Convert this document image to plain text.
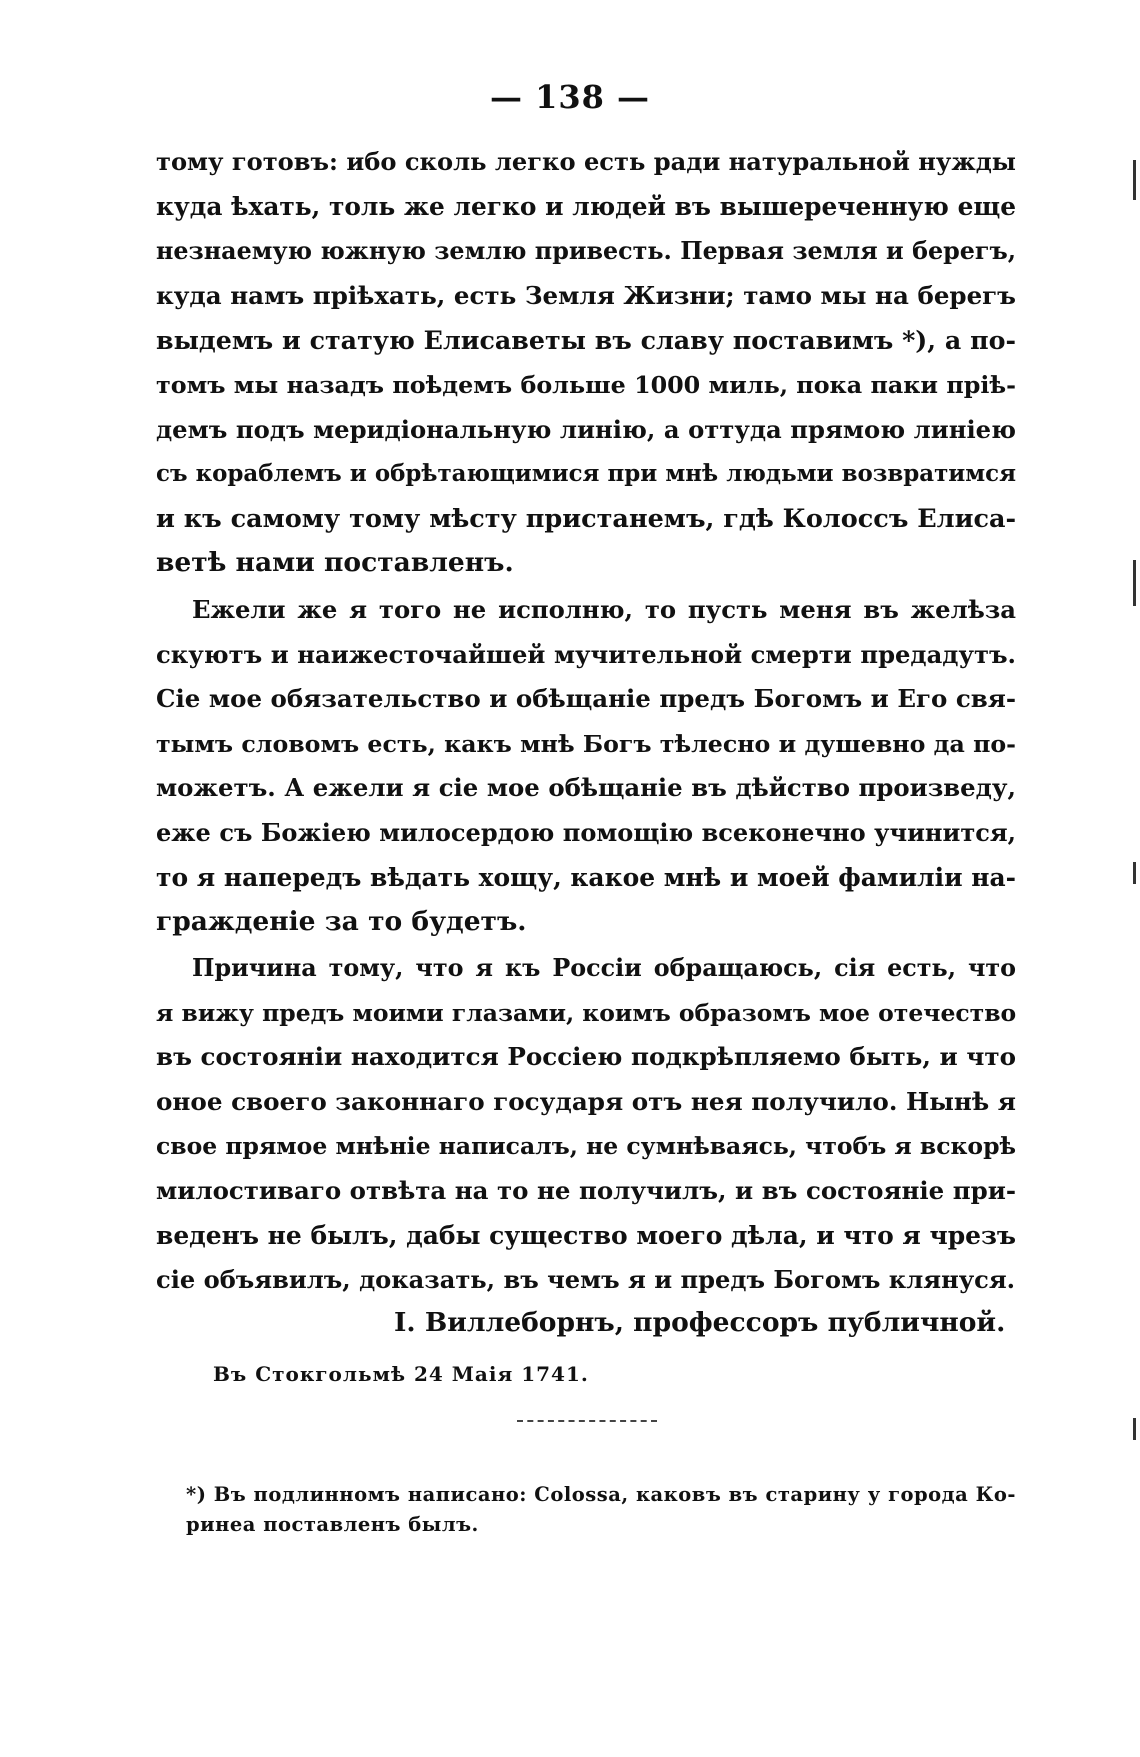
— 138 —
тому готовъ: ибо сколь легко есть ради натуральной нужды
куда ѣхать, толь же легко и людей въ вышереченную еще
незнаемую южную землю привесть. Первая земля и берегъ,
куда намъ пріѣхать, есть Земля Жизни; тамо мы на берегъ
выдемъ и статую Елисаветы въ славу поставимъ *), а по-
томъ мы назадъ поѣдемъ больше 1000 миль, пока паки прiѣ-
демъ подъ меридіональную линію, а оттуда прямою линіею
съ кораблемъ и обрѣтающимися при мнѣ людьми возвратимся
и къ самому тому мѣсту пристанемъ, гдѣ Колоссъ Елиса-
ветѣ нами поставленъ.
Ежели же я того не исполню, то пусть меня въ желѣза
скуютъ и наижесточайшей мучительной смерти предадутъ.
Сіе мое обязательство и обѣщаніе предъ Богомъ и Его свя-
тымъ словомъ есть, какъ мнѣ Богъ тѣлесно и душевно да по-
можетъ. А ежели я сіе мое обѣщаніе въ дѣйство произведу,
еже съ Божіею милосердою помощію всеконечно учинится,
то я напередъ вѣдать хощу, какое мнѣ и моей фамиліи на-
гражденіе за то будетъ.
Причина тому, что я къ Россіи обращаюсь, сія есть, что
я вижу предъ моими глазами, коимъ образомъ мое отечество
въ состояніи находится Россіею подкрѣпляемо быть, и что
оное своего законнаго государя отъ нея получило. Нынѣ я
свое прямое мнѣніе написалъ, не сумнѣваясь, чтобъ я вскорѣ
милостиваго отвѣта на то не получилъ, и въ состояніе при-
веденъ не былъ, дабы существо моего дѣла, и что я чрезъ
сіе объявилъ, доказать, въ чемъ я и предъ Богомъ клянуся.
I. Виллеборнъ, профессоръ публичной.
Въ Стокгольмѣ 24 Маія 1741.
*) Въ подлинномъ написано: Colossa, каковъ въ старину у города Ко-
ринеа поставленъ былъ.
